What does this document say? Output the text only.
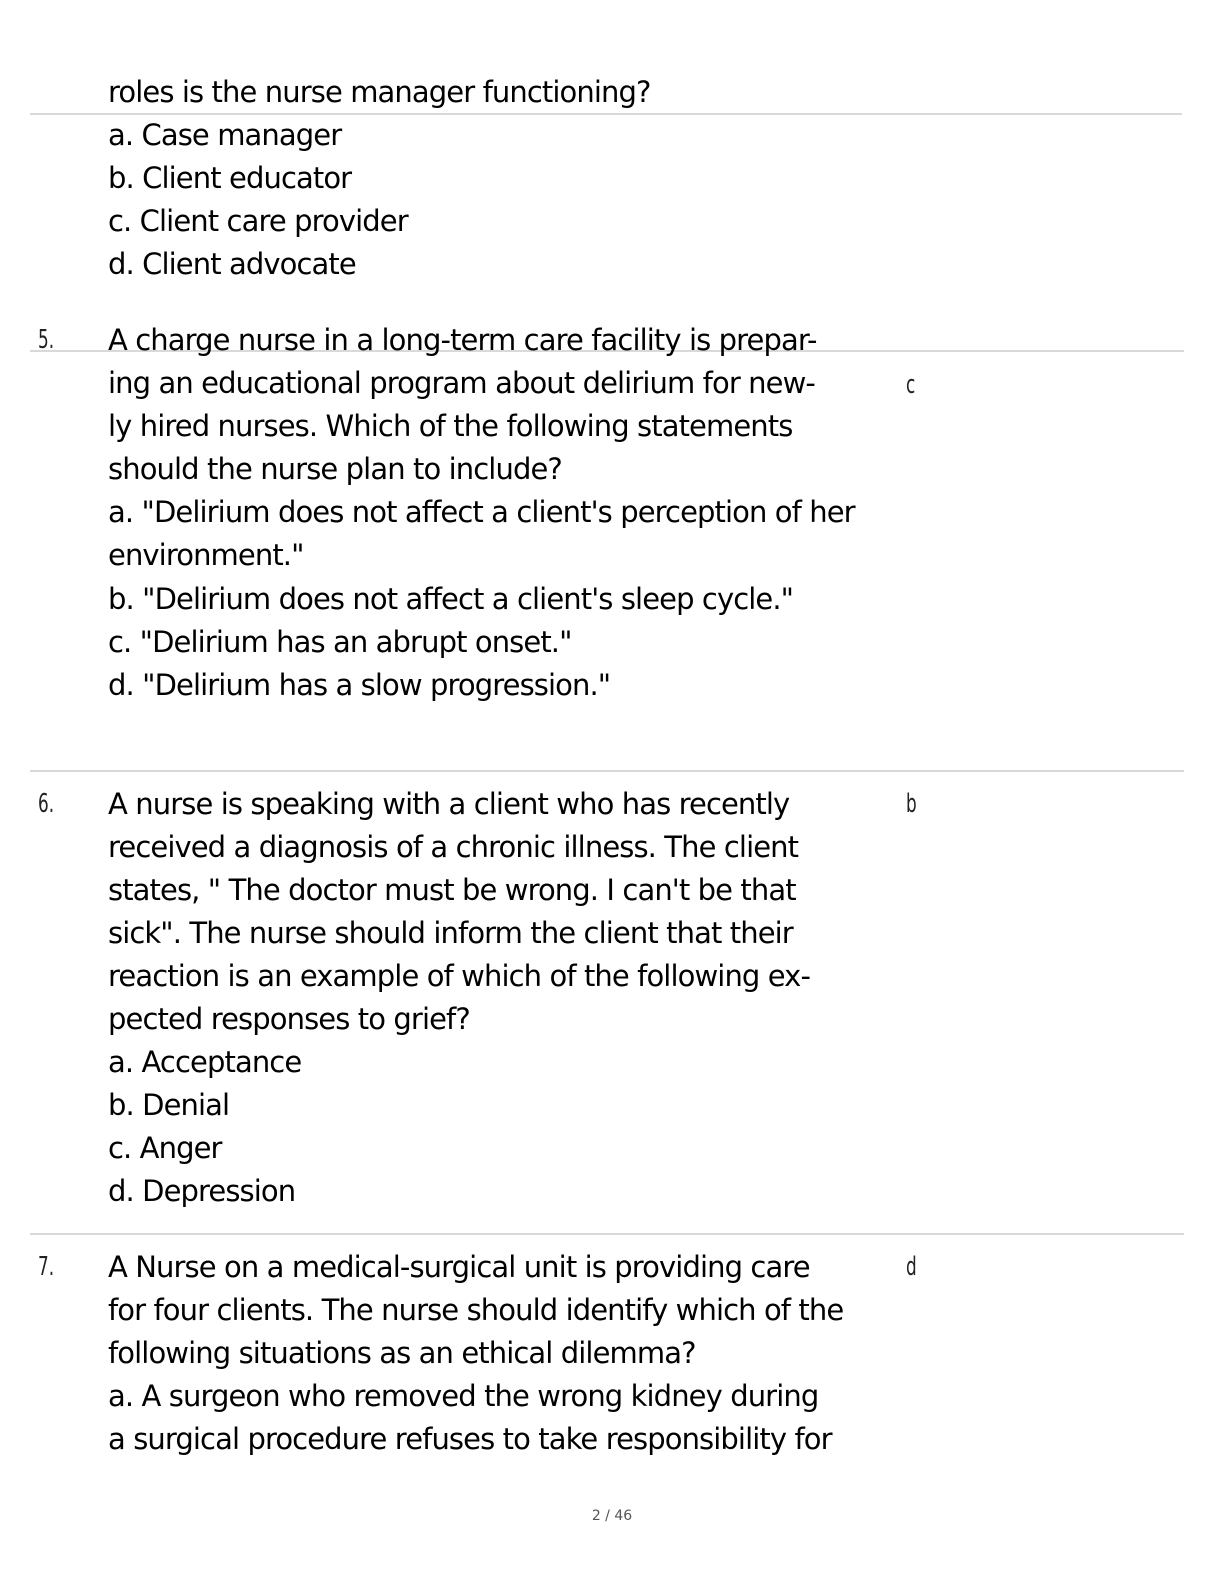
roles is the nurse manager functioning?
a. Case manager
b. Client educator
c. Client care provider
d. Client advocate
5.
c
A charge nurse in a long-term care facility is prepar-
ing an educational program about delirium for new-
ly hired nurses. Which of the following statements
should the nurse plan to include?
a. "Delirium does not affect a client's perception of her
environment."
b. "Delirium does not affect a client's sleep cycle."
c. "Delirium has an abrupt onset."
d. "Delirium has a slow progression."
6.	b
A nurse is speaking with a client who has recently
received a diagnosis of a chronic illness. The client
states, " The doctor must be wrong. I can't be that
sick". The nurse should inform the client that their
reaction is an example of which of the following ex-
pected responses to grief?
a. Acceptance
b. Denial
c. Anger
d. Depression
7.	d
A Nurse on a medical-surgical unit is providing care
for four clients. The nurse should identify which of the
following situations as an ethical dilemma?
a. A surgeon who removed the wrong kidney during
a surgical procedure refuses to take responsibility for
2 / 46
